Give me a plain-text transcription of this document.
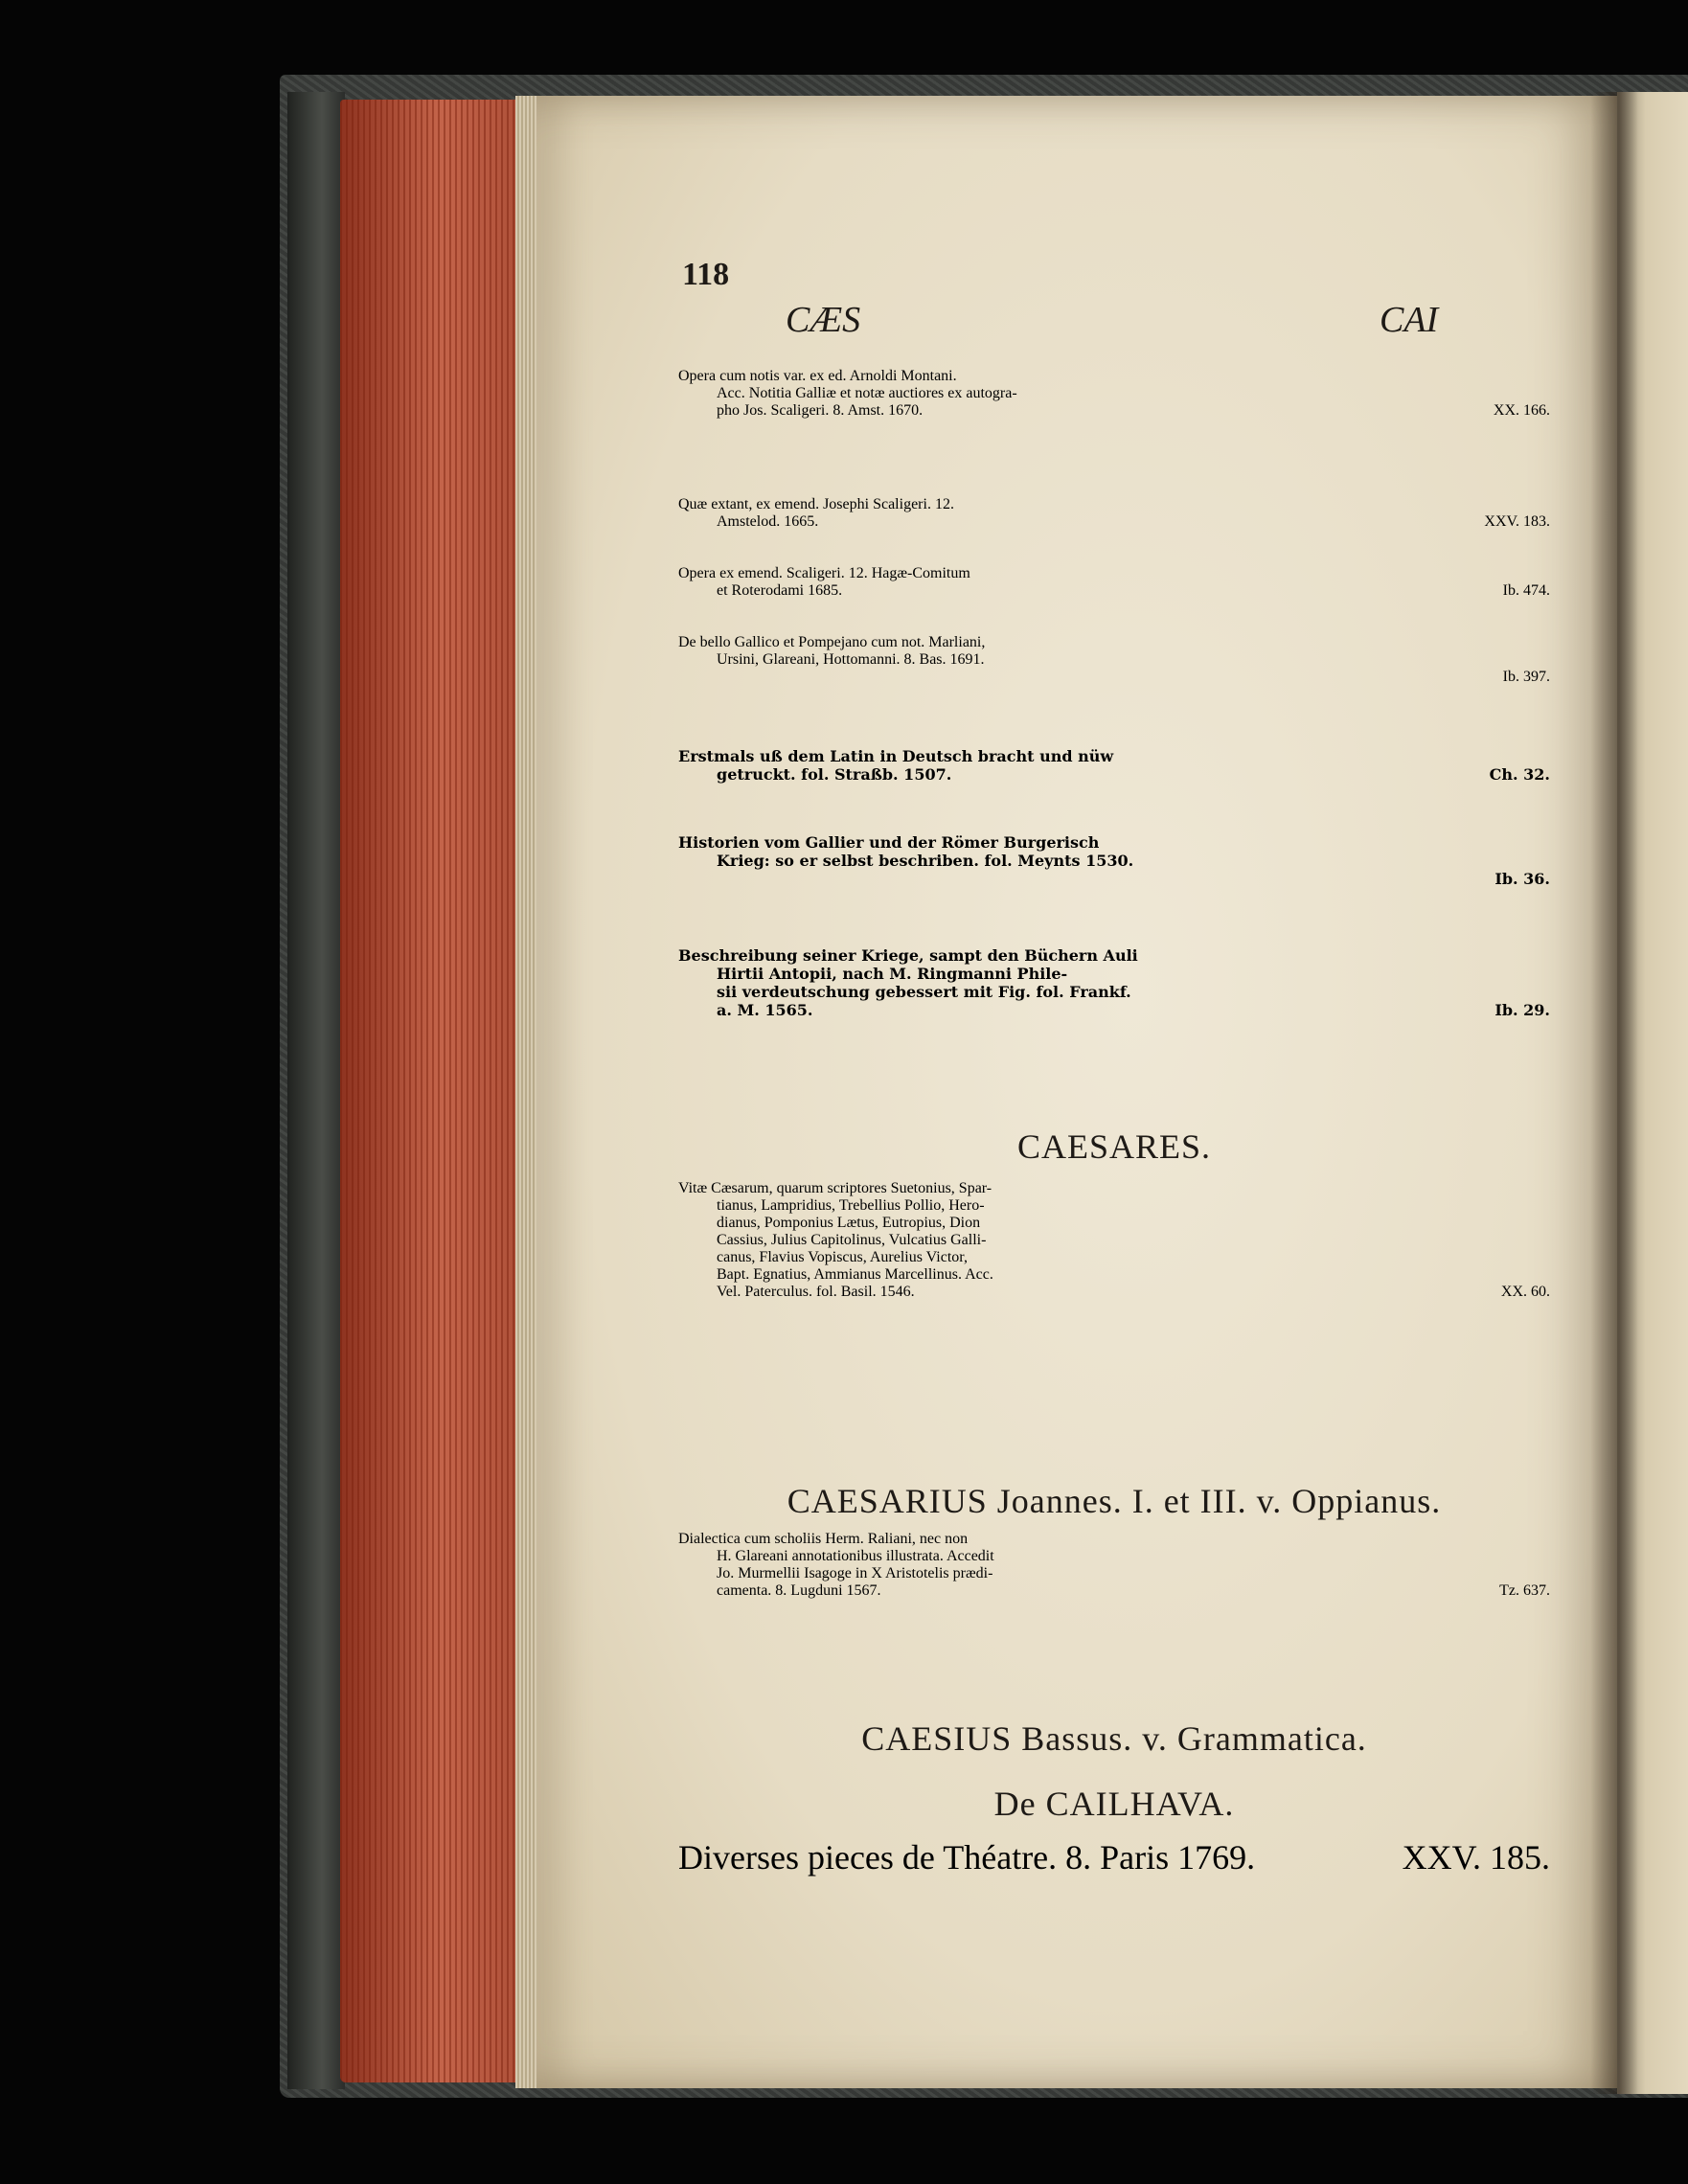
118
CÆS	CAI
Opera cum notis var. ex ed. Arnoldi Montani.
Acc. Notitia Galliæ et notæ auctiores ex autogra-
pho Jos. Scaligeri. 8. Amst. 1670.	XX. 166.
Quæ extant, ex emend. Josephi Scaligeri. 12.
Amstelod. 1665.	XXV. 183.
Opera ex emend. Scaligeri. 12. Hagæ-Comitum
et Roterodami 1685.	Ib. 474.
De bello Gallico et Pompejano cum not. Marliani,
Ursini, Glareani, Hottomanni. 8. Bas. 1691.
Ib. 397.
Erstmals uß dem Latin in Deutsch bracht und nüw
getruckt. fol. Straßb. 1507.	Ch. 32.
Historien vom Gallier und der Römer Burgerisch
Krieg: so er selbst beschriben. fol. Meynts 1530.
Ib. 36.
Beschreibung seiner Kriege, sampt den Büchern Auli
Hirtii Antopii, nach M. Ringmanni Phile-
sii verdeutschung gebessert mit Fig. fol. Frankf.
a. M. 1565.	Ib. 29.
CAESARES.
Vitæ Cæsarum, quarum scriptores Suetonius, Spar-
tianus, Lampridius, Trebellius Pollio, Hero-
dianus, Pomponius Lætus, Eutropius, Dion
Cassius, Julius Capitolinus, Vulcatius Galli-
canus, Flavius Vopiscus, Aurelius Victor,
Bapt. Egnatius, Ammianus Marcellinus. Acc.
Vel. Paterculus. fol. Basil. 1546.	XX. 60.
CAESARIUS Joannes. I. et III. v. Oppianus.
Dialectica cum scholiis Herm. Raliani, nec non
H. Glareani annotationibus illustrata. Accedit
Jo. Murmellii Isagoge in X Aristotelis prædi-
camenta. 8. Lugduni 1567.	Tz. 637.
CAESIUS Bassus. v. Grammatica.
De CAILHAVA.
Diverses pieces de Théatre. 8. Paris 1769.	XXV. 185.
